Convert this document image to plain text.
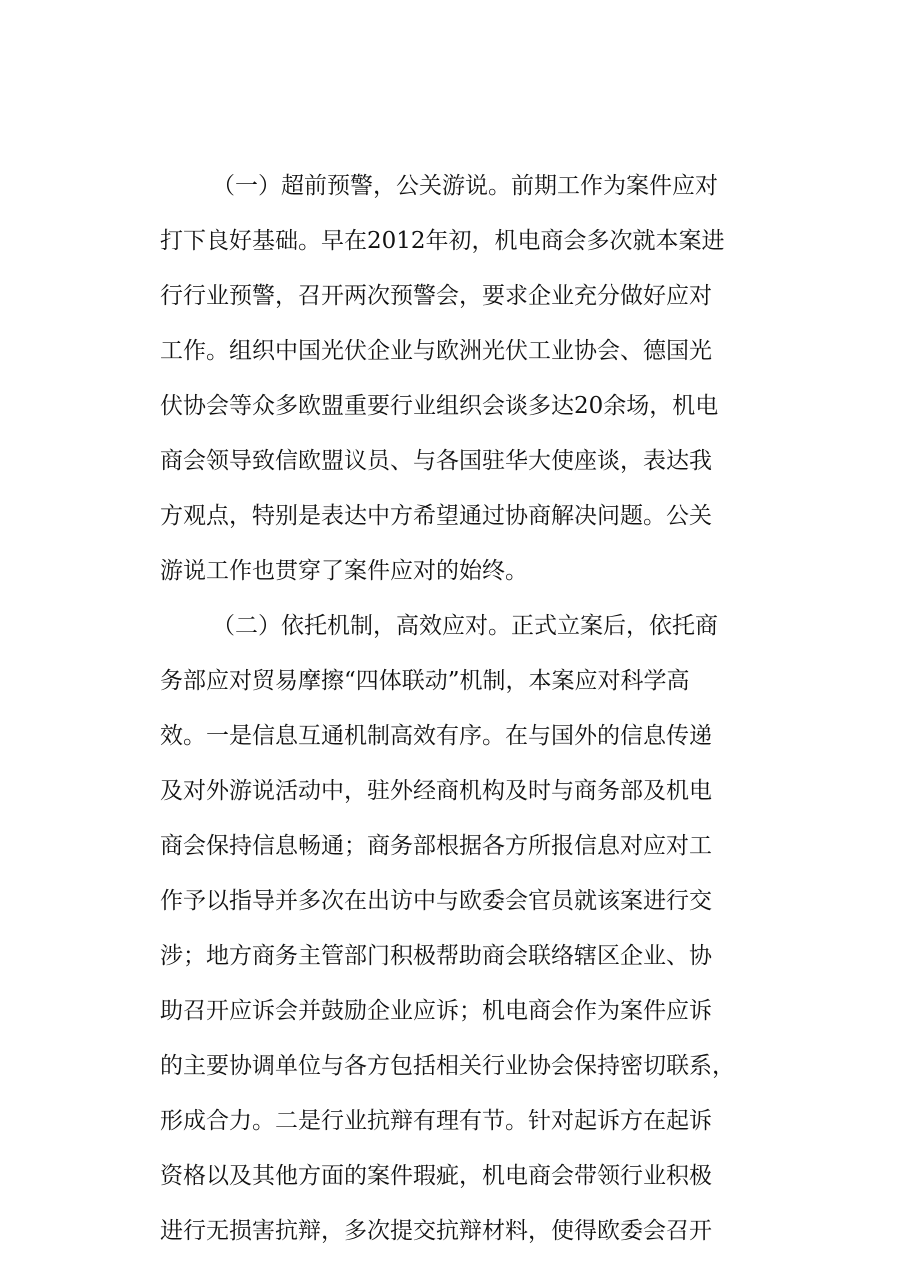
（一）超前预警，公关游说。前期工作为案件应对
打下良好基础。早在2012年初，机电商会多次就本案进
行行业预警，召开两次预警会，要求企业充分做好应对
工作。组织中国光伏企业与欧洲光伏工业协会、德国光
伏协会等众多欧盟重要行业组织会谈多达20余场，机电
商会领导致信欧盟议员、与各国驻华大使座谈，表达我
方观点，特别是表达中方希望通过协商解决问题。公关
游说工作也贯穿了案件应对的始终。
（二）依托机制，高效应对。正式立案后，依托商
务部应对贸易摩擦“四体联动”机制，本案应对科学高
效。一是信息互通机制高效有序。在与国外的信息传递
及对外游说活动中，驻外经商机构及时与商务部及机电
商会保持信息畅通；商务部根据各方所报信息对应对工
作予以指导并多次在出访中与欧委会官员就该案进行交
涉；地方商务主管部门积极帮助商会联络辖区企业、协
助召开应诉会并鼓励企业应诉；机电商会作为案件应诉
的主要协调单位与各方包括相关行业协会保持密切联系，
形成合力。二是行业抗辩有理有节。针对起诉方在起诉
资格以及其他方面的案件瑕疵，机电商会带领行业积极
进行无损害抗辩，多次提交抗辩材料，使得欧委会召开
